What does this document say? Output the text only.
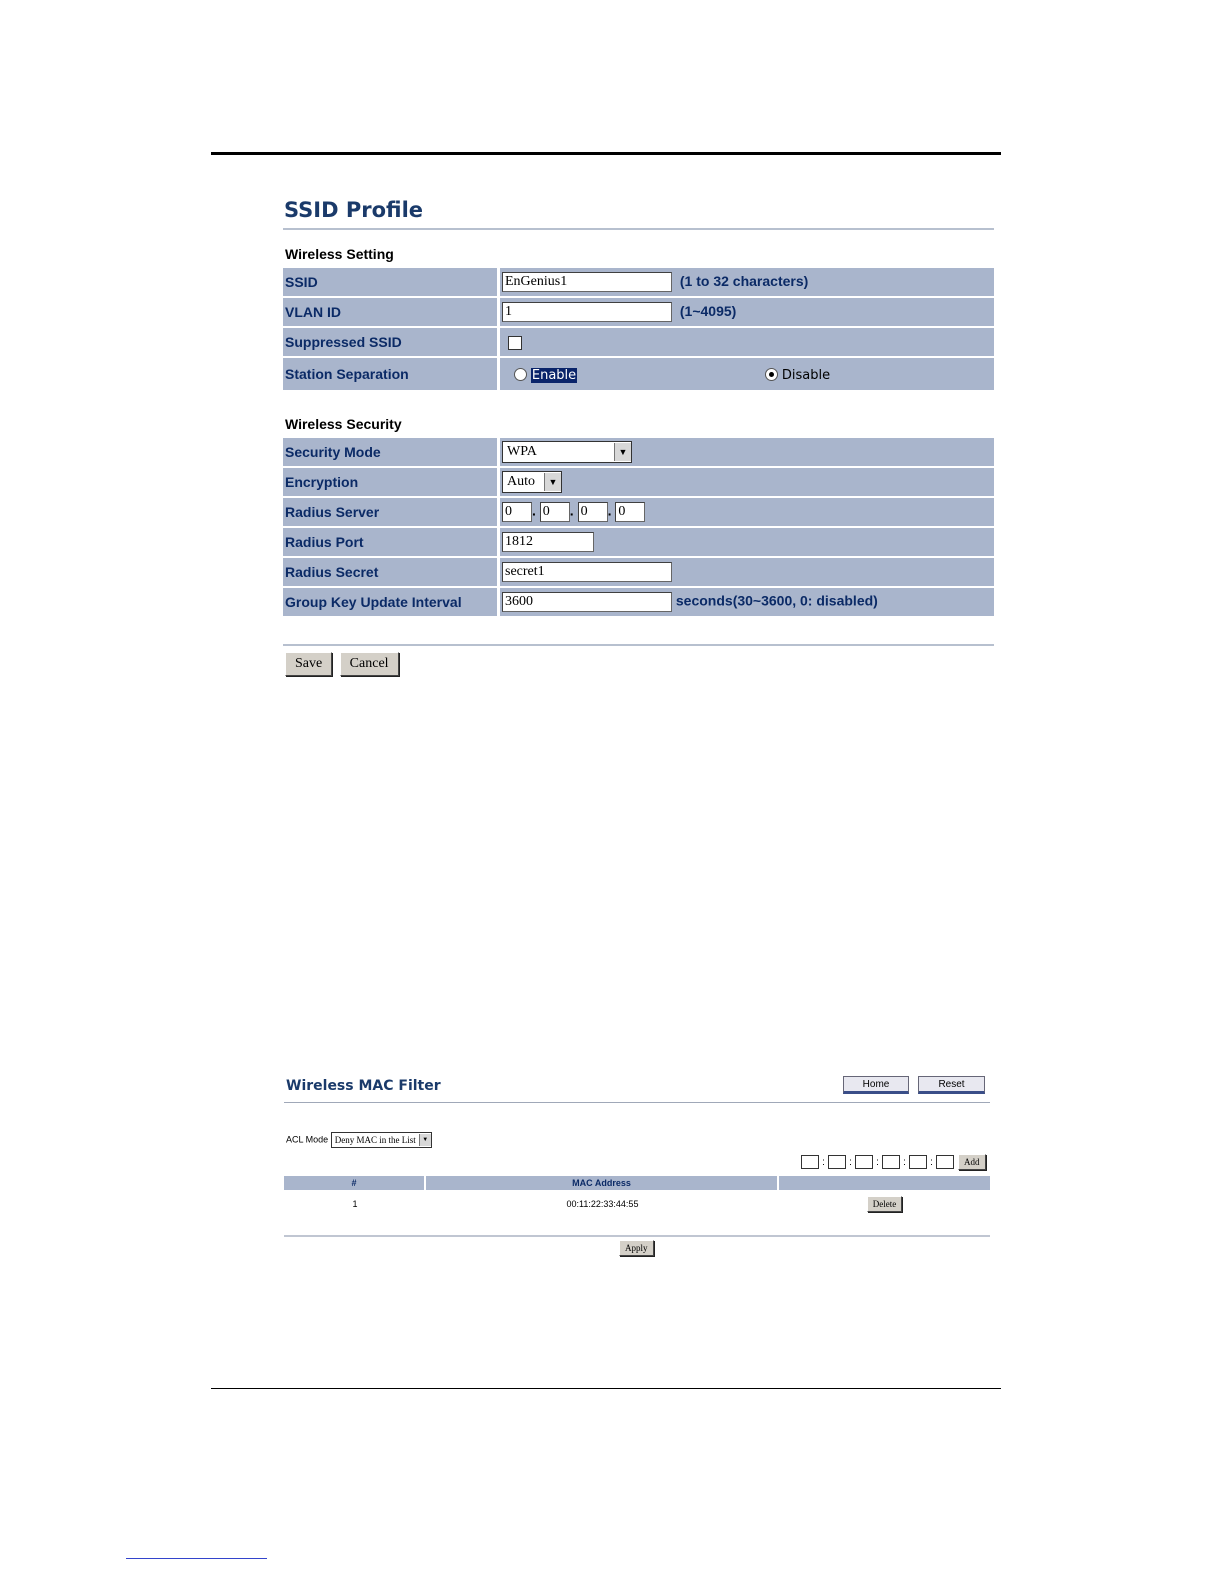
SSID Profile
Wireless Setting
SSID	EnGenius1(1 to 32 characters)
VLAN ID	1(1~4095)
Suppressed SSID	
Station Separation	Enable Disable
Wireless Security
Security Mode	WPA ▼

Encryption	Auto ▼

Radius Server	0. 0 . 0 . 0
Radius Port	1812
Radius Secret	secret1
Group Key Update Interval	3600seconds(30~3600, 0: disabled)
Save Cancel
Wireless MAC Filter	Home	Reset
ACL Mode Deny MAC in the List	▼
:	:	:	:	:	Add
#	MAC Address
1	00:11:22:33:44:55	Delete
Apply
